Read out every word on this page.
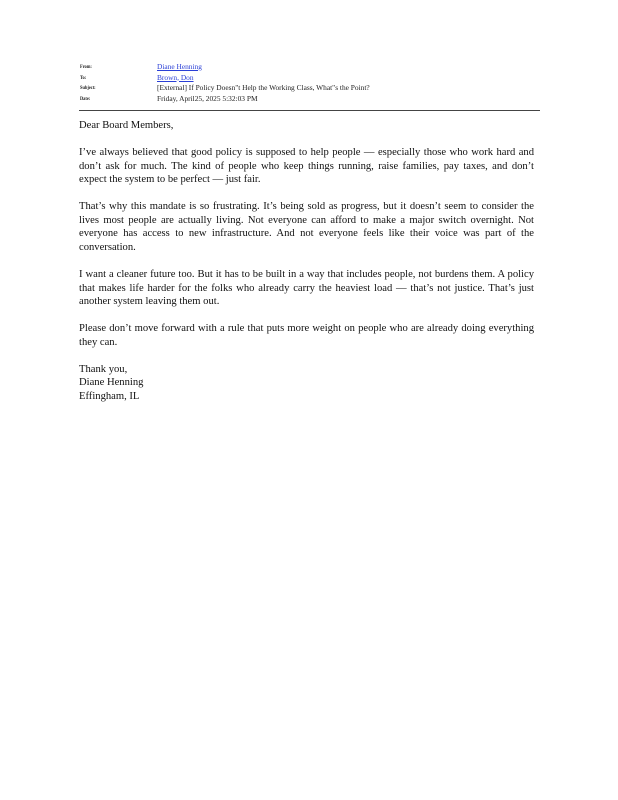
From:	Diane Henning
To:	Brown, Don
Subject:	[External] If Policy Doesn"t Help the Working Class, What"s the Point?
Date:	Friday, April25, 2025 5:32:03 PM

Dear Board Members,

I’ve always believed that good policy is supposed to help people — especially those who work hard and don’t ask for much. The kind of people who keep things running, raise families, pay taxes, and don’t expect the system to be perfect — just fair.

That’s why this mandate is so frustrating. It’s being sold as progress, but it doesn’t seem to consider the lives most people are actually living. Not everyone can afford to make a major switch overnight. Not everyone has access to new infrastructure. And not everyone feels like their voice was part of the conversation.

I want a cleaner future too. But it has to be built in a way that includes people, not burdens them. A policy that makes life harder for the folks who already carry the heaviest load — that’s not justice. That’s just another system leaving them out.

Please don’t move forward with a rule that puts more weight on people who are already doing everything they can.

Thank you,
Diane Henning
Effingham, IL
